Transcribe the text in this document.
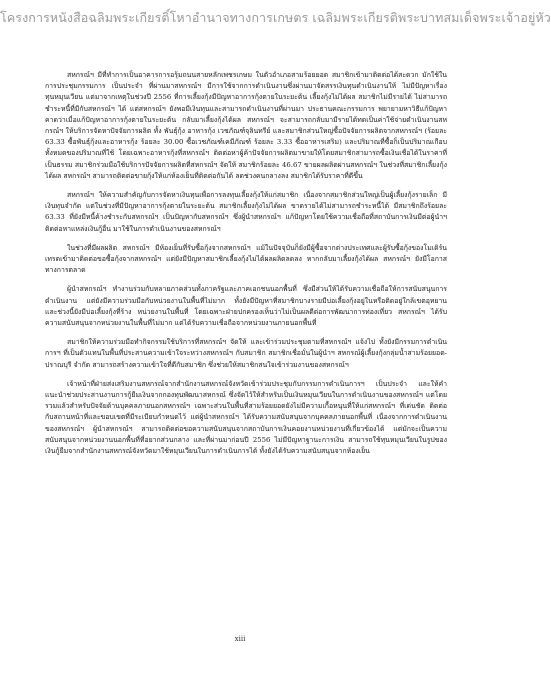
โครงการหนังสือฉลิมพระเกียรติ์โหาอำนาจทางการเกษตร เฉลิมพระเกียรติพระบาทสมเด็จพระเจ้าอยู่หัว

สหกรณ์ฯ มีที่ทำการเป็นอาคารการอรุ้มถนนสายหลักเพชรเกษม ในตัวอำเภอสามร้อยยอด สมาชิกเข้ามาติดต่อได้สะดวก มักใช้ในการประชุมกรรมการ เป็นประจำ ที่ผ่านมาสหกรณ์ฯ มีการใช้จากการดำเนินงานซึ่งผ่านมาจัดสรรเงินทุนดำเนินงานให้ ไม่มีปัญหาเรื่องทุนหมุนเวียน แต่มาจากเหตุในช่วงปี 2556 ที่การเลี้ยงกุ้งมีปัญหาอาการกุ้งตายในระยะต้น เลี้ยงกุ้งไม่ได้ผล สมาชิกไม่มีรายได้ ไม่สามารถชำระหนี้ที่มีกับสหกรณ์ฯ ได้ แต่สหกรณ์ฯ ยังพอมีเงินทุนและสามารถดำเนินงานที่ผ่านมา ประธานคณะกรรมการ พยายามหาวิธีแก้ปัญหา คาดว่าเมื่อแก้ปัญหาอาการกุ้งตายในระยะต้น กลับมาเลี้ยงกุ้งได้ผล สหกรณ์ฯ จะสามารถกลับมามีรายได้ทดเป็นค่าใช้จ่ายดำเนินงานสหกรณ์ฯ ให้บริการจัดหาปัจจัยการผลิต ทั้ง พันธุ์กุ้ง อาหารกุ้ง เวชภัณฑ์จุลินทรีย์ และสมาชิกส่วนใหญ่ซื้อปัจจัยการผลิตจากสหกรณ์ฯ (ร้อยละ 63.33 ซื้อพันธุ์กุ้งและอาหารกุ้ง ร้อยละ 30.00 ซื้อเวชภัณฑ์เคมีภัณฑ์ ร้อยละ 3.33 ซื้ออาหารเสริม) และปริมาณที่ซื้อก็เป็นปริมาณเกือบทั้งหมดของปริมาณที่ใช้ โดยเฉพาะอาหารกุ้งที่สหกรณ์ฯ ติดต่อหาผู้ค้าปัจจัยการผลิตมาขายให้โดยสมาชิกสามารถซื้อเงินเชื่อได้ในราคาที่เป็นธรรม สมาชิกร่วมมือใช้บริการปัจจัยการผลิตที่สหกรณ์ฯ จัดให้ สมาชิกร้อยละ 46.67 ขายผลผลิตผ่านสหกรณ์ฯ ในช่วงที่สมาชิกเลี้ยงกุ้งได้ผล สหกรณ์ฯ สามารถติดต่อขายกุ้งให้แก่ห้องเย็นที่ติดต่อกันได้ ลดช่วงคนกลางลง สมาชิกได้รับราคาที่ดีขึ้น

สหกรณ์ฯ ให้ความสำคัญกับการจัดหาเงินทุนเพื่อการลงทุนเลี้ยงกุ้งให้แก่สมาชิก เนื่องจากสมาชิกส่วนใหญ่เป็นผู้เลี้ยงกุ้งรายเล็ก มีเงินทุนจำกัด แต่ในช่วงที่มีปัญหาอาการกุ้งตายในระยะต้น สมาชิกเลี้ยงกุ้งไม่ได้ผล ขาดรายได้ไม่สามารถชำระหนี้ได้ มีสมาชิกถึงร้อยละ 63.33 ที่ยังมีหนี้ค้างชำระกับสหกรณ์ฯ เป็นปัญหากับสหกรณ์ฯ ซึ่งผู้นำสหกรณ์ฯ แก้ปัญหาโดยใช้ความเชื่อถือที่สถาบันการเงินมีต่อผู้นำฯ ติดต่อหาแหล่งเงินกู้อื่น มาใช้ในการดำเนินงานของสหกรณ์ฯ

ในช่วงที่มีผลผลิต สหกรณ์ฯ มีห้องเย็นที่รับซื้อกุ้งจากสหกรณ์ฯ แม้ในปัจจุบันก็ยังมีผู้ซื้อจากต่างประเทศและผู้รับซื้อกุ้งของโมเดิร์นเทรดเข้ามาติดต่อขอซื้อกุ้งจากสหกรณ์ฯ แต่ยังมีปัญหาสมาชิกเลี้ยงกุ้งไม่ได้ผลผลิตลดลง หากกลับมาเลี้ยงกุ้งได้ผล สหกรณ์ฯ ยังมีโอกาสทางการตลาด

ผู้นำสหกรณ์ฯ ทำงานร่วมกับหลายภาคส่วนทั้งภาครัฐและภาคเอกชนนอกพื้นที่ ซึ่งมีส่วนให้ได้รับความเชื่อถือให้การสนับสนุนการดำเนินงาน แต่ยังมีความร่วมมือกับหน่วยงานในพื้นที่ไม่มาก ทั้งยังมีปัญหาที่สมาชิกบางรายมีบ่อเลี้ยงกุ้งอยู่ในหรือติดอยู่ใกล้เขตอุทยาน และช่วงนี้ยังมีบ่อเลี้ยงกุ้งที่ร้าง หน่วยงานในพื้นที่ โดยเฉพาะฝ่ายปกครองเห็นว่าไม่เป็นผลดีต่อการพัฒนาการท่องเที่ยว สหกรณ์ฯ ได้รับความสนับสนุนจากหน่วยงานในพื้นที่ไม่มาก แต่ได้รับความเชื่อถือจากหน่วยงานภายนอกพื้นที่

สมาชิกให้ความร่วมมือทำกิจกรรมใช้บริการที่สหกรณ์ฯ จัดให้ และเข้าร่วมประชุมตามที่สหกรณ์ฯ แจ้งไป ทั้งยังมีกรรมการดำเนินการฯ ที่เป็นตัวแทนในพื้นที่ประสานความเข้าใจระหว่างสหกรณ์ฯ กับสมาชิก สมาชิกเชื่อมั่นในผู้นำฯ สหกรณ์ผู้เลี้ยงกุ้งกลุ่มน้ำสามร้อยยอด-ปราณบุรี จำกัด สามารถสร้างความเข้าใจที่ดีกับสมาชิก ซึ่งช่วยให้สมาชิกสนใจเข้าร่วมงานของสหกรณ์ฯ

เจ้าหน้าที่ฝ่ายส่งเสริมงานสหกรณ์จากสำนักงานสหกรณ์จังหวัดเข้าร่วมประชุมกับกรรมการดำเนินการฯ เป็นประจำ และให้คำแนะนำช่วยประสานงานการกู้ยืมเงินจากกองทุนพัฒนาสหกรณ์ ซึ่งจัดไว้ให้สำหรับเป็นเงินหมุนเวียนในการดำเนินงานของสหกรณ์ฯ แต่โดยรวมแล้วสำหรับปัจจัยด้านบุคคลภายนอกสหกรณ์ฯ เฉพาะส่วนในพื้นที่สามร้อยยอดยังไม่มีความเกื้อหนุนที่ให้แก่สหกรณ์ฯ ที่เด่นชัด ติดต่อกับสถานหน้าที่และขอบเขตที่มีระเบียบกำหนดไว้ แต่ผู้นำสหกรณ์ฯ ได้รับความสนับสนุนจากบุคคลภายนอกพื้นที่ เนื่องจากการดำเนินงานของสหกรณ์ฯ ผู้นำสหกรณ์ฯ สามารถติดต่อขอความสนับสนุนจากสถาบันการเงินคอยงานหน่วยงานที่เกี่ยวข้องได้ แต่มักจะเป็นความสนับสนุนจากหน่วยงานนอกพื้นที่ที่อยากส่วนกลาง และที่ผ่านมาก่อนปี 2556 ไม่มีปัญหาฐานะการเงิน สามารถใช้ทุนหมุนเวียนในรูปของเงินกู้ยืมจากสำนักงานสหกรณ์จังหวัดมาใช้หมุนเวียนในการดำเนินการได้ ทั้งยังได้รับความสนับสนุนจากห้องเย็น

xiii
